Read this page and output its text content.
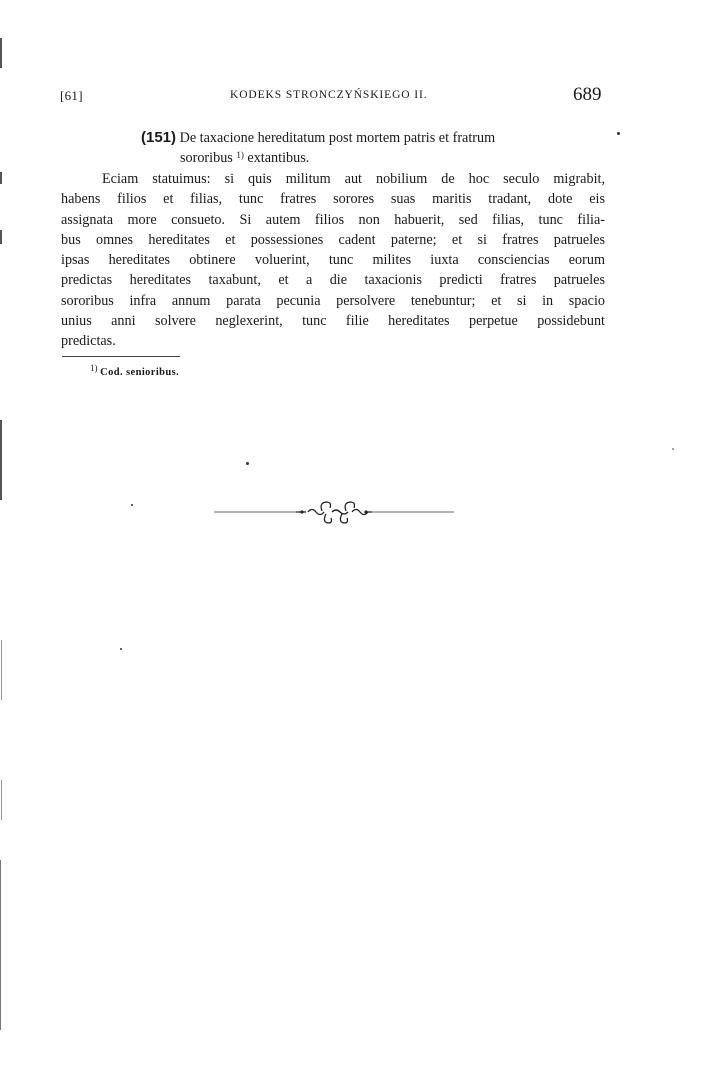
[61]	KODEKS STRONCZYŃSKIEGO II.	689
(151) De taxacione hereditatum post mortem patris et fratrum
sororibus $^{1)}$ extantibus.
Eciam statuimus: si quis militum aut nobilium de hoc seculo migrabit,
habens filios et filias, tunc fratres sorores suas maritis tradant, dote eis
assignata more consueto. Si autem filios non habuerit, sed filias, tunc filia-
bus omnes hereditates et possessiones cadent paterne; et si fratres patrueles
ipsas hereditates obtinere voluerint, tunc milites iuxta consciencias eorum
predictas hereditates taxabunt, et a die taxacionis predicti fratres patrueles
sororibus infra annum parata pecunia persolvere tenebuntur; et si in spacio
unius anni solvere neglexerint, tunc filie hereditates perpetue possidebunt
predictas.
$^{1)}$ Cod. senioribus.
